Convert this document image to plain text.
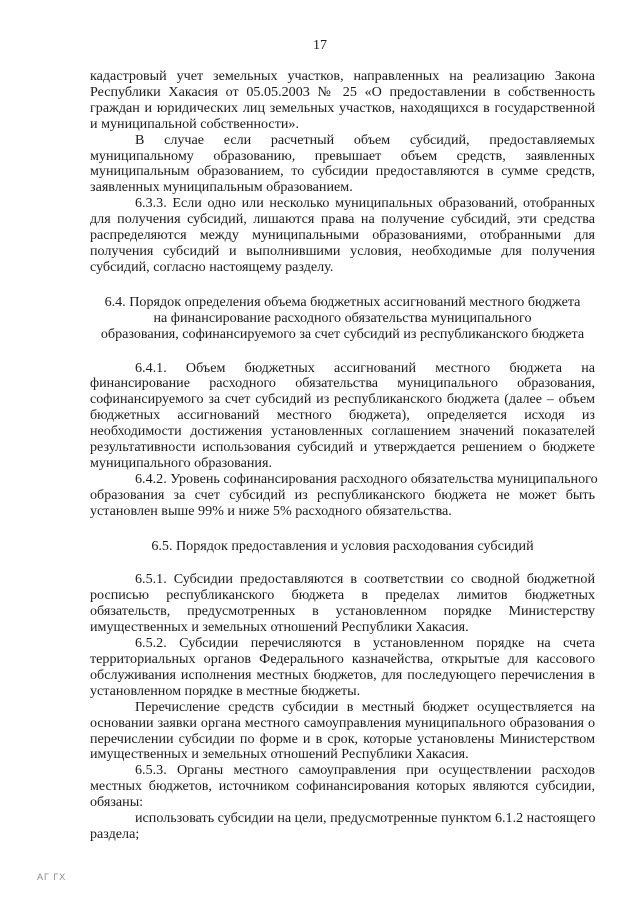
17

кадастровый учет земельных участков, направленных на реализацию Закона
Республики Хакасия от 05.05.2003 № 25 «О предоставлении в собственность
граждан и юридических лиц земельных участков, находящихся в государственной
и муниципальной собственности».

В случае если расчетный объем субсидий, предоставляемых
муниципальному образованию, превышает объем средств, заявленных
муниципальным образованием, то субсидии предоставляются в сумме средств,
заявленных муниципальным образованием.

6.3.3. Если одно или несколько муниципальных образований, отобранных
для получения субсидий, лишаются права на получение субсидий, эти средства
распределяются между муниципальными образованиями, отобранными для
получения субсидий и выполнившими условия, необходимые для получения
субсидий, согласно настоящему разделу.

6.4. Порядок определения объема бюджетных ассигнований местного бюджета
на финансирование расходного обязательства муниципального
образования, софинансируемого за счет субсидий из республиканского бюджета

6.4.1. Объем бюджетных ассигнований местного бюджета на
финансирование расходного обязательства муниципального образования,
софинансируемого за счет субсидий из республиканского бюджета (далее – объем
бюджетных ассигнований местного бюджета), определяется исходя из
необходимости достижения установленных соглашением значений показателей
результативности использования субсидий и утверждается решением о бюджете
муниципального образования.

6.4.2. Уровень софинансирования расходного обязательства муниципального
образования за счет субсидий из республиканского бюджета не может быть
установлен выше 99% и ниже 5% расходного обязательства.

6.5. Порядок предоставления и условия расходования субсидий

6.5.1. Субсидии предоставляются в соответствии со сводной бюджетной
росписью республиканского бюджета в пределах лимитов бюджетных
обязательств, предусмотренных в установленном порядке Министерству
имущественных и земельных отношений Республики Хакасия.

6.5.2. Субсидии перечисляются в установленном порядке на счета
территориальных органов Федерального казначейства, открытые для кассового
обслуживания исполнения местных бюджетов, для последующего перечисления в
установленном порядке в местные бюджеты.

Перечисление средств субсидии в местный бюджет осуществляется на
основании заявки органа местного самоуправления муниципального образования о
перечислении субсидии по форме и в срок, которые установлены Министерством
имущественных и земельных отношений Республики Хакасия.

6.5.3. Органы местного самоуправления при осуществлении расходов
местных бюджетов, источником софинансирования которых являются субсидии,
обязаны:

использовать субсидии на цели, предусмотренные пунктом 6.1.2 настоящего
раздела;

АГ ГХ
